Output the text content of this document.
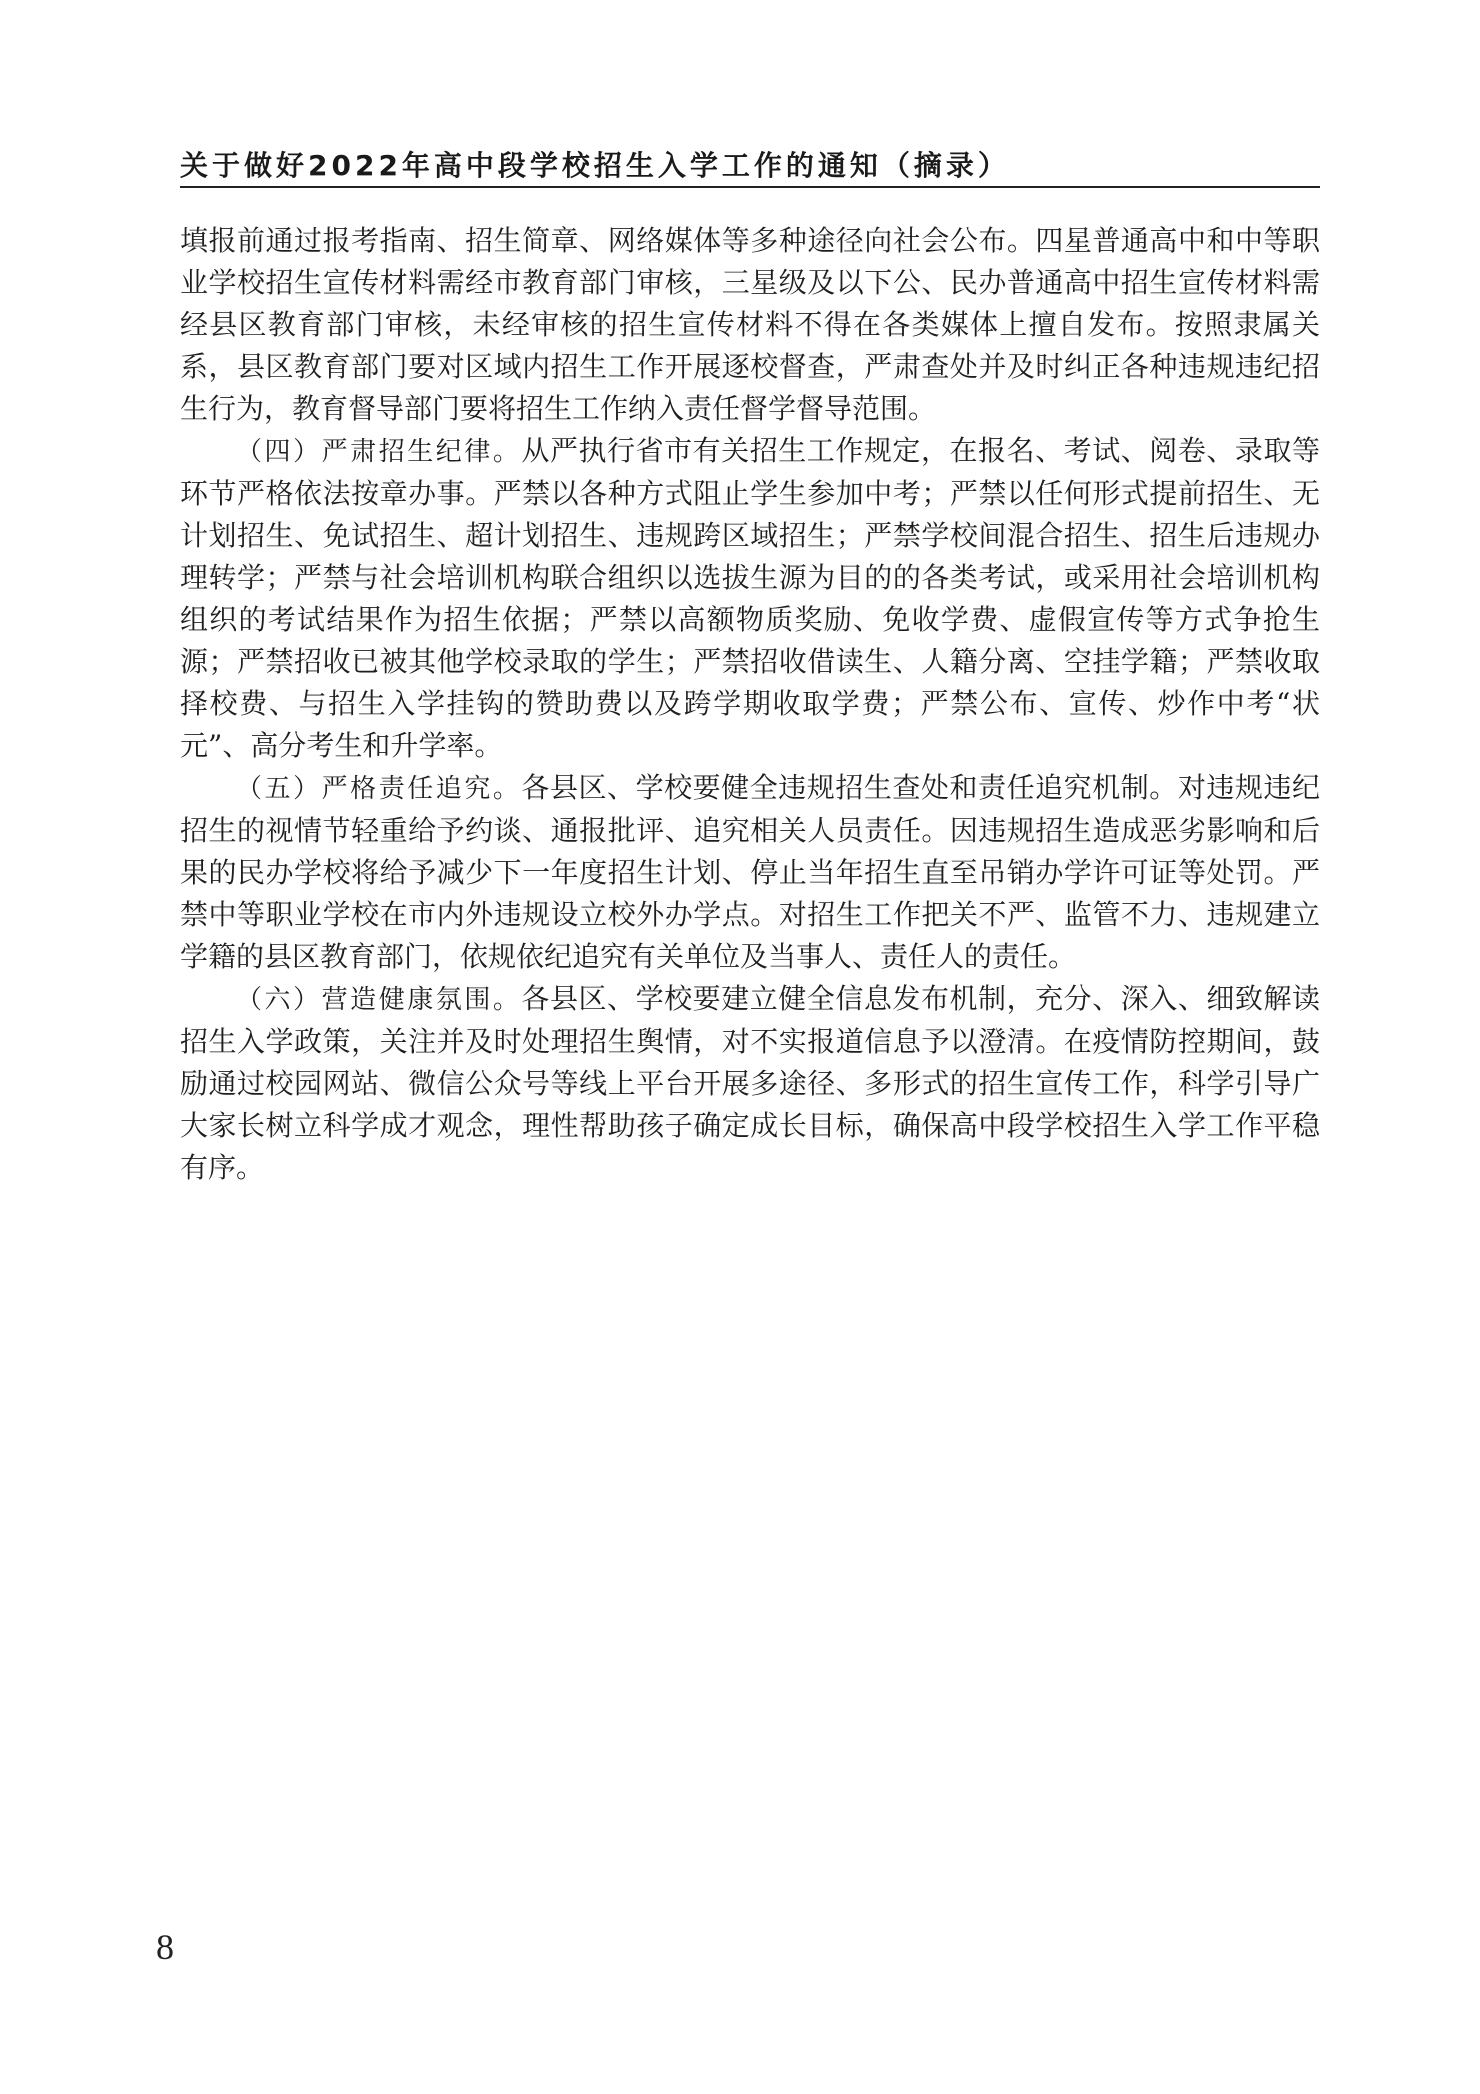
关于做好2022年高中段学校招生入学工作的通知（摘录）

填报前通过报考指南、招生简章、网络媒体等多种途径向社会公布。四星普通高中和中等职业学校招生宣传材料需经市教育部门审核，三星级及以下公、民办普通高中招生宣传材料需经县区教育部门审核，未经审核的招生宣传材料不得在各类媒体上擅自发布。按照隶属关系，县区教育部门要对区域内招生工作开展逐校督查，严肃查处并及时纠正各种违规违纪招生行为，教育督导部门要将招生工作纳入责任督学督导范围。

（四）严肃招生纪律。从严执行省市有关招生工作规定，在报名、考试、阅卷、录取等环节严格依法按章办事。严禁以各种方式阻止学生参加中考；严禁以任何形式提前招生、无计划招生、免试招生、超计划招生、违规跨区域招生；严禁学校间混合招生、招生后违规办理转学；严禁与社会培训机构联合组织以选拔生源为目的的各类考试，或采用社会培训机构组织的考试结果作为招生依据；严禁以高额物质奖励、免收学费、虚假宣传等方式争抢生源；严禁招收已被其他学校录取的学生；严禁招收借读生、人籍分离、空挂学籍；严禁收取择校费、与招生入学挂钩的赞助费以及跨学期收取学费；严禁公布、宣传、炒作中考“状元”、高分考生和升学率。

（五）严格责任追究。各县区、学校要健全违规招生查处和责任追究机制。对违规违纪招生的视情节轻重给予约谈、通报批评、追究相关人员责任。因违规招生造成恶劣影响和后果的民办学校将给予减少下一年度招生计划、停止当年招生直至吊销办学许可证等处罚。严禁中等职业学校在市内外违规设立校外办学点。对招生工作把关不严、监管不力、违规建立学籍的县区教育部门，依规依纪追究有关单位及当事人、责任人的责任。

（六）营造健康氛围。各县区、学校要建立健全信息发布机制，充分、深入、细致解读招生入学政策，关注并及时处理招生舆情，对不实报道信息予以澄清。在疫情防控期间，鼓励通过校园网站、微信公众号等线上平台开展多途径、多形式的招生宣传工作，科学引导广大家长树立科学成才观念，理性帮助孩子确定成长目标，确保高中段学校招生入学工作平稳有序。

8
